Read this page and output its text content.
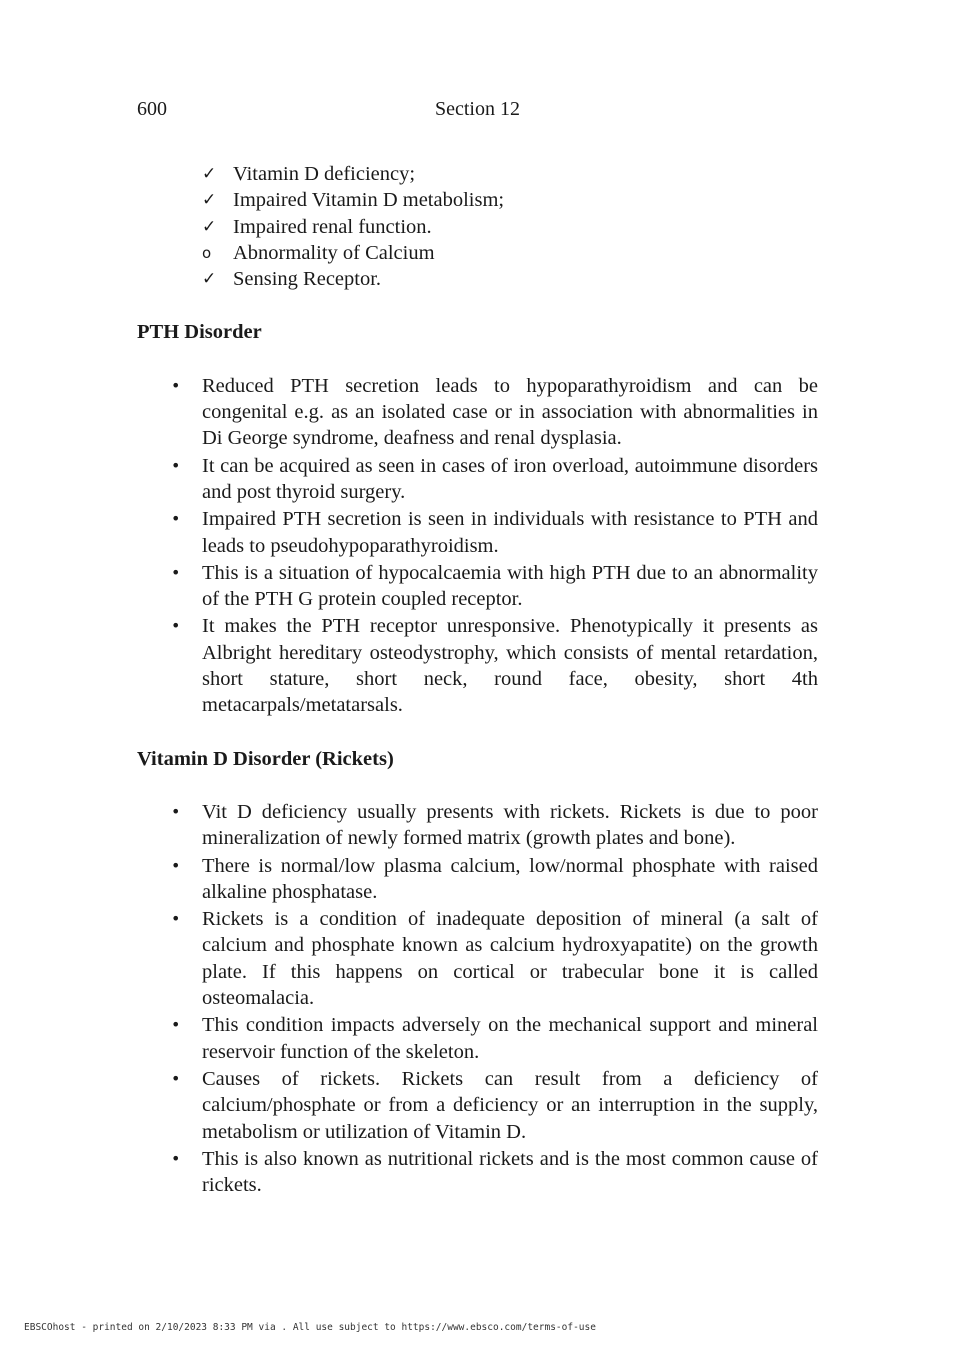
600	Section 12
✓ Vitamin D deficiency;
✓ Impaired Vitamin D metabolism;
✓ Impaired renal function.
o	Abnormality of Calcium
✓ Sensing Receptor.
PTH Disorder
• Reduced PTH secretion leads to hypoparathyroidism and can be congenital e.g. as an isolated case or in association with abnormalities in Di George syndrome, deafness and renal dysplasia.
• It can be acquired as seen in cases of iron overload, autoimmune disorders and post thyroid surgery.
• Impaired PTH secretion is seen in individuals with resistance to PTH and leads to pseudohypoparathyroidism.
• This is a situation of hypocalcaemia with high PTH due to an abnormality of the PTH G protein coupled receptor.
• It makes the PTH receptor unresponsive. Phenotypically it presents as Albright hereditary osteodystrophy, which consists of mental retardation, short stature, short neck, round face, obesity, short 4th metacarpals/metatarsals.
Vitamin D Disorder (Rickets)
• Vit D deficiency usually presents with rickets. Rickets is due to poor mineralization of newly formed matrix (growth plates and bone).
• There is normal/low plasma calcium, low/normal phosphate with raised alkaline phosphatase.
• Rickets is a condition of inadequate deposition of mineral (a salt of calcium and phosphate known as calcium hydroxyapatite) on the growth plate. If this happens on cortical or trabecular bone it is called osteomalacia.
• This condition impacts adversely on the mechanical support and mineral reservoir function of the skeleton.
• Causes of rickets. Rickets can result from a deficiency of calcium/phosphate or from a deficiency or an interruption in the supply, metabolism or utilization of Vitamin D.
• This is also known as nutritional rickets and is the most common cause of rickets.
EBSCOhost - printed on 2/10/2023 8:33 PM via . All use subject to https://www.ebsco.com/terms-of-use
